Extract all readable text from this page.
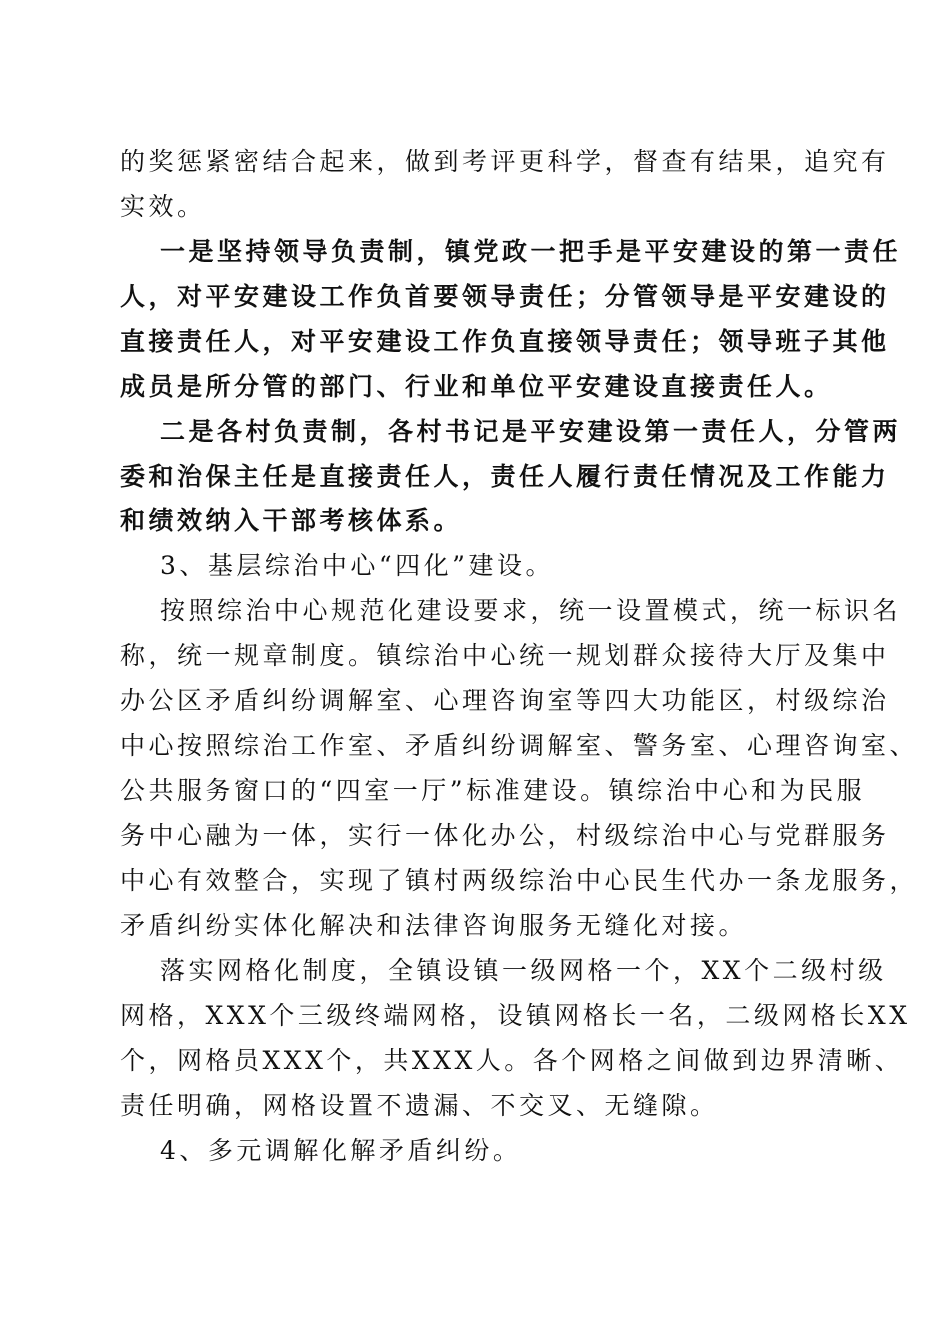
的奖惩紧密结合起来，做到考评更科学，督查有结果，追究有
实效。
一是坚持领导负责制，镇党政一把手是平安建设的第一责任
人，对平安建设工作负首要领导责任；分管领导是平安建设的
直接责任人，对平安建设工作负直接领导责任；领导班子其他
成员是所分管的部门、行业和单位平安建设直接责任人。
二是各村负责制，各村书记是平安建设第一责任人，分管两
委和治保主任是直接责任人，责任人履行责任情况及工作能力
和绩效纳入干部考核体系。
3、基层综治中心“四化”建设。
按照综治中心规范化建设要求，统一设置模式，统一标识名
称，统一规章制度。镇综治中心统一规划群众接待大厅及集中
办公区矛盾纠纷调解室、心理咨询室等四大功能区，村级综治
中心按照综治工作室、矛盾纠纷调解室、警务室、心理咨询室、
公共服务窗口的“四室一厅”标准建设。镇综治中心和为民服
务中心融为一体，实行一体化办公，村级综治中心与党群服务
中心有效整合，实现了镇村两级综治中心民生代办一条龙服务，
矛盾纠纷实体化解决和法律咨询服务无缝化对接。
落实网格化制度，全镇设镇一级网格一个，XX个二级村级
网格，XXX个三级终端网格，设镇网格长一名，二级网格长XX
个，网格员XXX个，共XXX人。各个网格之间做到边界清晰、
责任明确，网格设置不遗漏、不交叉、无缝隙。
4、多元调解化解矛盾纠纷。
